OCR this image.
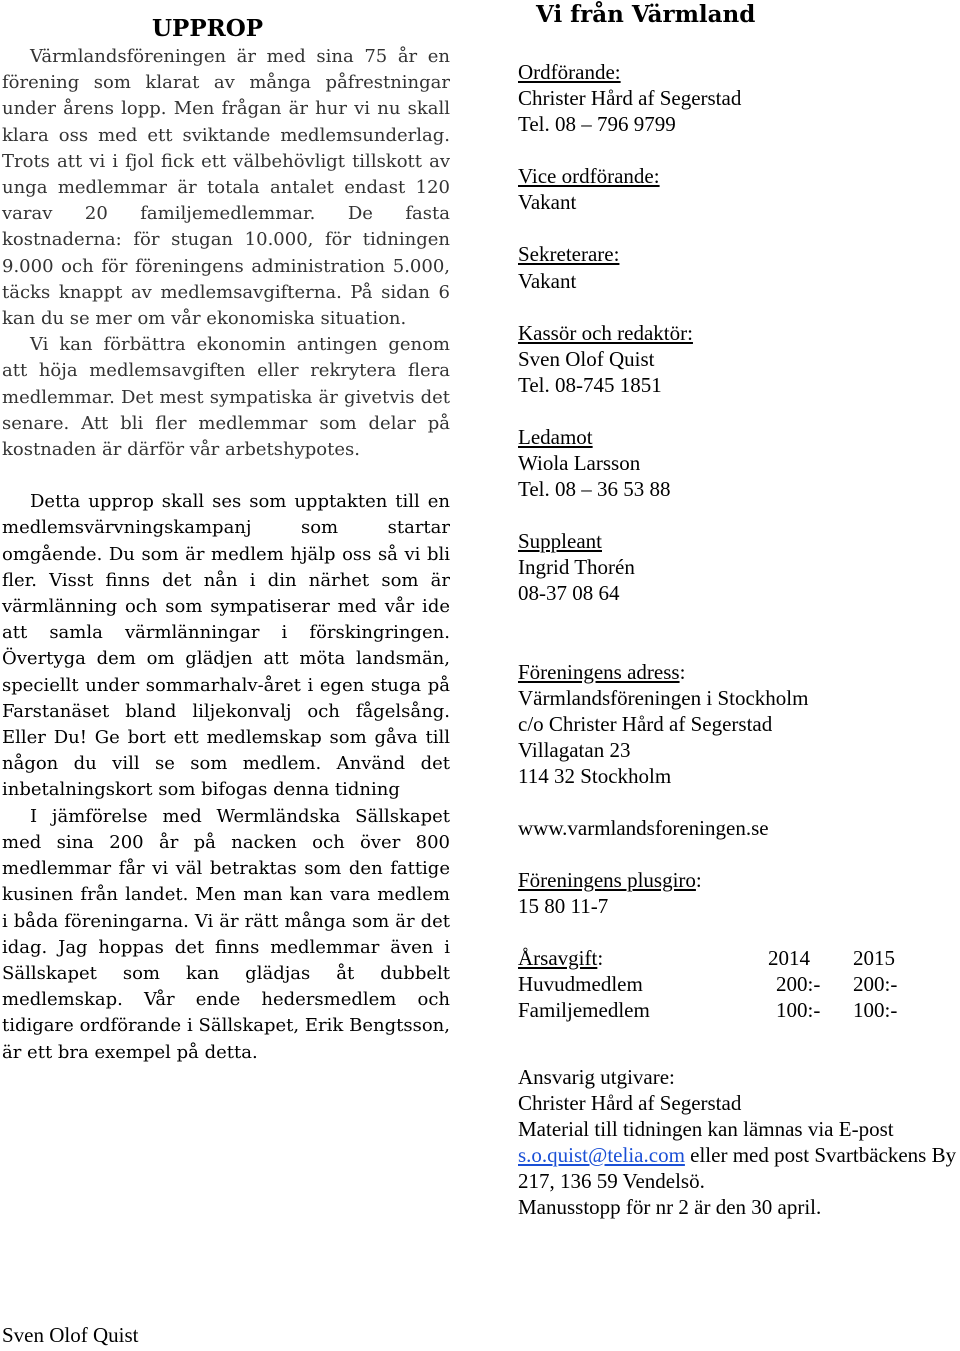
UPPROP

Värmlandsföreningen är med sina 75 år en förening som klarat av många påfrestningar under årens lopp. Men frågan är hur vi nu skall klara oss med ett sviktande medlemsunderlag. Trots att vi i fjol fick ett välbehövligt tillskott av unga medlemmar är totala antalet endast 120 varav 20 familjemedlemmar. De fasta kostnaderna: för stugan 10.000, för tidningen 9.000 och för föreningens administration 5.000, täcks knappt av medlemsavgifterna. På sidan 6 kan du se mer om vår ekonomiska situation.

Vi kan förbättra ekonomin antingen genom att höja medlemsavgiften eller rekrytera flera medlemmar. Det mest sympatiska är givetvis det senare. Att bli fler medlemmar som delar på kostnaden är därför vår arbetshypotes.

Detta upprop skall ses som upptakten till en medlemsvärvningskampanj som startar omgående. Du som är medlem hjälp oss så vi bli fler. Visst finns det nån i din närhet som är värmlänning och som sympatiserar med vår ide att samla värmlänningar i förskingringen. Övertyga dem om glädjen att möta landsmän, speciellt under sommarhalv-året i egen stuga på Farstanäset bland liljekonvalj och fågelsång. Eller Du! Ge bort ett medlemskap som gåva till någon du vill se som medlem. Använd det inbetalningskort som bifogas denna tidning

I jämförelse med Wermländska Sällskapet med sina 200 år på nacken och över 800 medlemmar får vi väl betraktas som den fattige kusinen från landet. Men man kan vara medlem i båda föreningarna. Vi är rätt många som är det idag. Jag hoppas det finns medlemmar även i Sällskapet som kan glädjas åt dubbelt medlemskap. Vår ende hedersmedlem och tidigare ordförande i Sällskapet, Erik Bengtsson, är ett bra exempel på detta.

Sven Olof Quist
Vi från Värmland
Ordförande:
Christer Hård af Segerstad
Tel. 08 – 796 9799
Vice ordförande:
Vakant
Sekreterare:
Vakant
Kassör och redaktör:
Sven Olof Quist
Tel. 08-745 1851
Ledamot
Wiola Larsson
Tel. 08 – 36 53 88
Suppleant
Ingrid Thorén
08-37 08 64
Föreningens adress:
Värmlandsföreningen i Stockholm
c/o Christer Hård af Segerstad
Villagatan 23
114 32 Stockholm
www.varmlandsforeningen.se
Föreningens plusgiro:
15 80 11-7
Årsavgift:	2014	2015
Huvudmedlem	200:-	200:-
Familjemedlem	100:-	100:-
Ansvarig utgivare:
Christer Hård af Segerstad
Material till tidningen kan lämnas via E-post s.o.quist@telia.com eller med post Svartbäckens By 217, 136 59 Vendelsö.
Manusstopp för nr 2 är den 30 april.
